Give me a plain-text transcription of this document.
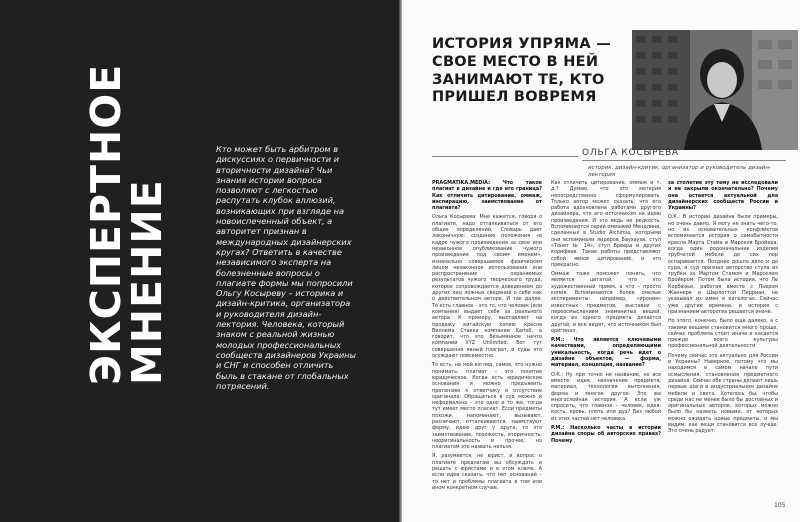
ЭКСПЕРТНОЕ
МНЕНИЕ
Кто может быть арбитром в дискуссиях о первичности и вторичности дизайна? Чьи знания истории вопроса позволяют с легкостью распутать клубок аллюзий, возникающих при взгляде на новоиспеченный объект, а авторитет признан в международных дизайнерских кругах? Ответить в качестве независимого эксперта на болезненные вопросы о плагиате формы мы попросили Ольгу Косыреву – историка и дизайн-критика, организатора и руководителя дизайн-лектория. Человека, который знаком с реальной жизнью молодых профессиональных сообществ дизайнеров Украины и СНГ и способен отличить быль в стакане от глобальных потрясений.
ИСТОРИЯ УПРЯМА — СВОЕ МЕСТО В НЕЙ ЗАНИМАЮТ ТЕ, КТО ПРИШЕЛ ВОВРЕМЯ
ОЛЬГА КОСЫРЕВА
историк, дизайн-критик, организатор и руководитель дизайн-лектория

PRAGMATIKA.MEDIA: Что такое плагиат в дизайне и где его граница? Как отличить цитирование, оммаж, инспирацию, заимствование от плагиата?

Ольга Косырева: Мне кажется, говоря о плагиате, надо отталкиваться от его общих определений. Словарь дает лаконичную: создание положения «в кадре чужого произведения за свое или незаконное опубликование чужого произведения под своим именем», изначально совершаемое физическим лицом незаконное использование или распространение охраняемых результатов чужого творческого труда, которое сопровождается доведением до других лиц ложных сведений о себе как о действительном авторе. И так далее. То есть главное – это то, что человек (или компания) выдает себя за реального автора. К примеру, выставляет на продажу китайскую копию кресла Виллема Стакка компании Kartell, а говорит, что это безымянное нечто компании XYZ Unlimited. Вот тут совершенно явный плагиат, и суды это осуждают повсеместно.

То есть, на мой взгляд, самое, что нужно понимать: плагиат – это понятие юридическое. Когда есть юридические основания и можно предъявить претензию к ответчику в отсутствие оригинала. Обращаться в суд можно и неформально – это одно и то же, тогда тут имеет место плагиат. Если предметы похожи, напоминают, вызывают, различают, отталкиваются, заимствуют форму, идею друг у друга, то это заимствование, похожесть, вторичность, неоригинальность и прочее, но плагиатом это назвать нельзя.

Я, разумеется, не юрист, и вопрос о плагиате предлагаю вы обсуждать и решать с юристами и в этом ключе. А если идеи сказать, что нет оснований – то нет и проблемы плагиата в том или ином конкретном случае.

Как отличить цитирование, оммаж и т. д.? Думаю, что это материя непосредственно сформулировать. Только автор может сказать, что его работа вдохновлена работами другого дизайнера, что его источником на идею произведения. И это ведь не редкость. Вспоминаются серии оммажей Мендлини, сделанных в Studio Alchimia, которыми они вспоминали лидеров Баухауза, стул «Тонет № 14», стул Бреера и других корифеев. Такие работы представляют собой явное цитирование, и это прекрасно.

Оммаж тоже поможет понять, что является цитатой, что это художественный прием, а что – просто копия. Вспоминаются более смелые эксперименты: например, «ирония» известных предметов, выставки с переосмыслением знаменитых вещей, когда из одного предмета делается другой, и все видят, что источником был оригинал.

P.M.: Что является ключевыми качествами, определяющими уникальность, когда речь идет о дизайне объектов, — форма, материал, концепция, название?

О.К.: Ну при точно не название, но все вместе: идея, назначение предмета, материал, технология выполнения, форма и многое другое. Это же многослойная история. А если уж спросить, что главное – человек, идея, кость, кровь, плоть или дух? Без любой из этих частей нет человека.

P.M.: Насколько часты в истории дизайна споры об авторских правах? Почему

за столетие эту тему не исследовали и не закрыли окончательно? Почему она остается актуальной для дизайнерских сообществ России и Украины?

О.К.: В истории дизайна были примеры, но очень давно. Я могу не знать чего-то, но из основательных конфликтов вспоминается история о самобытности кресла Марта Стама и Марселя Бройера, когда один родоначальник изделия трубчатой мебели до сих пор оспаривается. Позднее дошло дело и до суда, и суд признал авторство стула из трубки за Мартом Стамом и Марселем Бройером. Потом была история, что Ле Корбюзье, работая вместе с Пьером Жаннере и Шарлоттой Перриан, не указывал их имен в каталогах. Сейчас уже другие времена, и история с признанием авторства решается иначе.

Но этого, конечно, было еще далеко, а с такими вещами становится много проще, сейчас проблема стоит иначе и касается прежде всего культуры профессиональной деятельности.

Почему сейчас это актуально для России и Украины? Наверное, потому что мы находимся в самом начале пути осмысления, становления предметного дизайна. Сейчас обе страны делают лишь первые шаги в индустриальном дизайне мебели и света. Хотелось бы, чтобы среди нас не менее было бы достойных и оригинальных авторов, которых можно было бы назвать новыми, от которых можно ожидать новые предметы, и мы видим, как вещи становятся все лучше. Это очень радует.

105
